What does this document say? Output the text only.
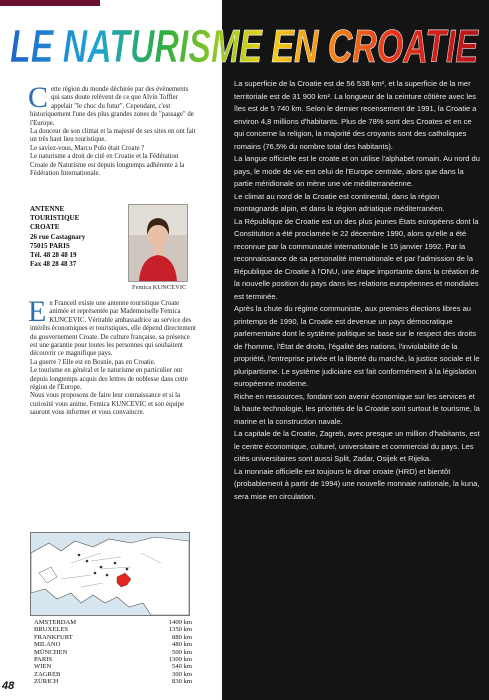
LE NATURISME EN CROATIE
C ette région du monde déchirée par des évènements qui sans doute relèvent de ce que Alvin Toffler appelait "le choc du futur". Cependant, c'est historiquement l'une des plus grandes zones de "passage" de l'Europe.

La douceur de son climat et la majesté de ses sites en ont fait un très haut lieu touristique.

Le saviez-vous, Marco Polo était Croate ?

Le naturisme a droit de cité en Croatie et la Fédération Croate de Naturisme est depuis longtemps adhérente à la Fédération Internationale.

ANTENNE
TOURISTIQUE
CROATE
26 rue Castagnary
75015 PARIS
Tél. 48 28 48 19
Fax 48 28 48 37
Femica KUNCEVIC
E n Franceil existe une antenne touristique Croate animée et représentée par Mademoiselle Femica KUNCEVIC. Véritable ambassadrice au service des intérêts économiques et touristiques, elle dépend directement du gouvernement Croate. De culture française, sa présence est une garantie pour toutes les personnes qui souhaitent découvrir ce magnifique pays.

La guerre ? Elle est en Bosnie, pas en Croatie.

Le tourisme en général et le naturisme en particulier ont depuis longtemps acquis des lettres de noblesse dans cette région de l'Europe.

Nous vous proposons de faire leur connaissance et si la curiosité vous anime, Femica KUNCEVIC et son équipe sauront vous informer et vous convaincre.

AMSTERDAM	1400 km
BRUXELES	1350 km
FRANKFURT	880 km
MILANO	480 km
MÜNCHEN	500 km
PARIS	1300 km
WIEN	540 km
ZAGREB	300 km
ZÜRICH	830 km

La superficie de la Croatie est de 56 538 km², et la superficie de la mer territoriale est de 31 900 km². La longueur de la ceinture côtière avec les îles est de 5 740 km. Selon le dernier recensement de 1991, la Croatie a environ 4,8 millions d'habitants. Plus de 78% sont des Croates et en ce qui concerne la religion, la majorité des croyants sont des catholiques romains (76,5% du nombre total des habitants).

La langue officielle est le croate et on utilise l'alphabet romain. Au nord du pays, le mode de vie est celui de l'Europe centrale, alors que dans la partie méridionale on mène une vie méditerranéenne.

Le climat au nord de la Croatie est continental, dans la région montagnarde alpin, et dans la région adriatique méditerranéen.

La République de Croatie est un des plus jeunes États européens dont la Constitution a été proclamée le 22 décembre 1990, alors qu'elle a été reconnue par la communauté internationale le 15 janvier 1992. Par la reconnaissance de sa personalité internationale et par l'admission de la République de Croatie à l'ONU, une étape importante dans la création de la nouvelle position du pays dans les relations européennes et mondiales est terminée.

Après la chute du régime communiste, aux premiers élections libres au printemps de 1990, la Croatie est devenue un pays démocratique parlementaire dont le système politique se base sur le respect des droits de l'homme, l'État de droits, l'égalité des nations, l'inviolabilité de la propriété, l'entreprise privée et la liberté du marché, la justice sociale et le pluripartisme. Le système judiciaire est fait conformément à la législation européenne moderne.

Riche en ressources, fondant son avenir économique sur les services et la haute technologie, les priorités de la Croatie sont surtout le tourisme, la marine et la construction navale.

La capitale de la Croatie, Zagreb, avec presque un million d'habitants, est le centre économique, culturel, universitaire et commercial du pays. Les cités universitaires sont aussi Split, Zadar, Osijek et Rijeka.

La monnaie officielle est toujours le dinar croate (HRD) et bientôt (probablement à partir de 1994) une nouvelle monnaie nationale, la kuna, sera mise en circulation.

48
